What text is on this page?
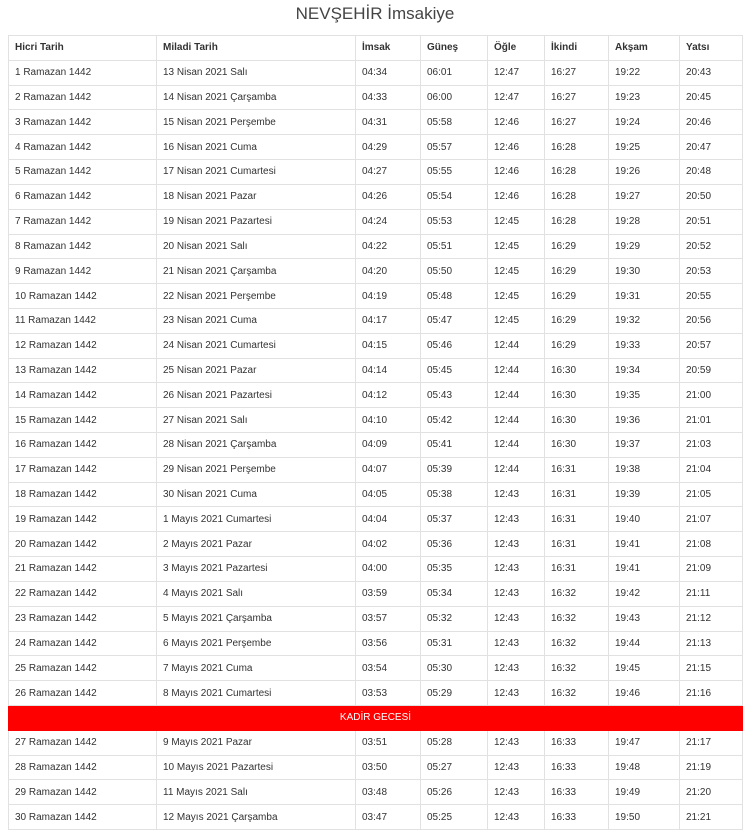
NEVŞEHİR İmsakiye
Hicri Tarih	Miladi Tarih	İmsak	Güneş	Öğle	İkindi	Akşam	Yatsı
1 Ramazan 1442	13 Nisan 2021 Salı	04:34	06:01	12:47	16:27	19:22	20:43
2 Ramazan 1442	14 Nisan 2021 Çarşamba	04:33	06:00	12:47	16:27	19:23	20:45
3 Ramazan 1442	15 Nisan 2021 Perşembe	04:31	05:58	12:46	16:27	19:24	20:46
4 Ramazan 1442	16 Nisan 2021 Cuma	04:29	05:57	12:46	16:28	19:25	20:47
5 Ramazan 1442	17 Nisan 2021 Cumartesi	04:27	05:55	12:46	16:28	19:26	20:48
6 Ramazan 1442	18 Nisan 2021 Pazar	04:26	05:54	12:46	16:28	19:27	20:50
7 Ramazan 1442	19 Nisan 2021 Pazartesi	04:24	05:53	12:45	16:28	19:28	20:51
8 Ramazan 1442	20 Nisan 2021 Salı	04:22	05:51	12:45	16:29	19:29	20:52
9 Ramazan 1442	21 Nisan 2021 Çarşamba	04:20	05:50	12:45	16:29	19:30	20:53
10 Ramazan 1442	22 Nisan 2021 Perşembe	04:19	05:48	12:45	16:29	19:31	20:55
11 Ramazan 1442	23 Nisan 2021 Cuma	04:17	05:47	12:45	16:29	19:32	20:56
12 Ramazan 1442	24 Nisan 2021 Cumartesi	04:15	05:46	12:44	16:29	19:33	20:57
13 Ramazan 1442	25 Nisan 2021 Pazar	04:14	05:45	12:44	16:30	19:34	20:59
14 Ramazan 1442	26 Nisan 2021 Pazartesi	04:12	05:43	12:44	16:30	19:35	21:00
15 Ramazan 1442	27 Nisan 2021 Salı	04:10	05:42	12:44	16:30	19:36	21:01
16 Ramazan 1442	28 Nisan 2021 Çarşamba	04:09	05:41	12:44	16:30	19:37	21:03
17 Ramazan 1442	29 Nisan 2021 Perşembe	04:07	05:39	12:44	16:31	19:38	21:04
18 Ramazan 1442	30 Nisan 2021 Cuma	04:05	05:38	12:43	16:31	19:39	21:05
19 Ramazan 1442	1 Mayıs 2021 Cumartesi	04:04	05:37	12:43	16:31	19:40	21:07
20 Ramazan 1442	2 Mayıs 2021 Pazar	04:02	05:36	12:43	16:31	19:41	21:08
21 Ramazan 1442	3 Mayıs 2021 Pazartesi	04:00	05:35	12:43	16:31	19:41	21:09
22 Ramazan 1442	4 Mayıs 2021 Salı	03:59	05:34	12:43	16:32	19:42	21:11
23 Ramazan 1442	5 Mayıs 2021 Çarşamba	03:57	05:32	12:43	16:32	19:43	21:12
24 Ramazan 1442	6 Mayıs 2021 Perşembe	03:56	05:31	12:43	16:32	19:44	21:13
25 Ramazan 1442	7 Mayıs 2021 Cuma	03:54	05:30	12:43	16:32	19:45	21:15
26 Ramazan 1442	8 Mayıs 2021 Cumartesi	03:53	05:29	12:43	16:32	19:46	21:16
KADİR GECESİ							
27 Ramazan 1442	9 Mayıs 2021 Pazar	03:51	05:28	12:43	16:33	19:47	21:17
28 Ramazan 1442	10 Mayıs 2021 Pazartesi	03:50	05:27	12:43	16:33	19:48	21:19
29 Ramazan 1442	11 Mayıs 2021 Salı	03:48	05:26	12:43	16:33	19:49	21:20
30 Ramazan 1442	12 Mayıs 2021 Çarşamba	03:47	05:25	12:43	16:33	19:50	21:21
